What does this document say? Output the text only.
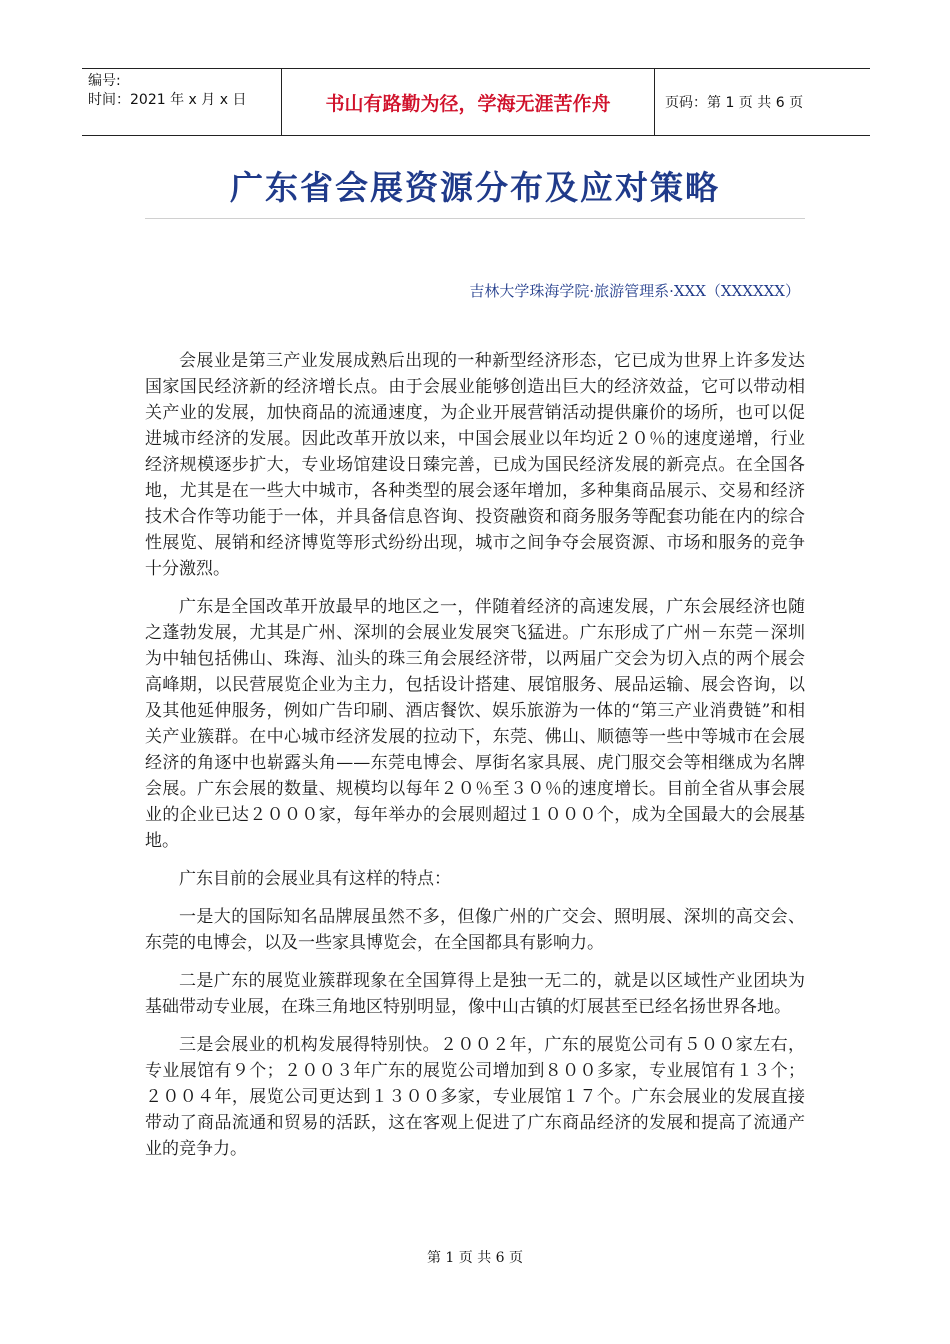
编号:
时间：2021 年 x 月 x 日	书山有路勤为径，学海无涯苦作舟	页码：第 1 页 共 6 页
广东省会展资源分布及应对策略
吉林大学珠海学院·旅游管理系·XXX（XXXXXX）

会展业是第三产业发展成熟后出现的一种新型经济形态，它已成为世界上许多发达国家国民经济新的经济增长点。由于会展业能够创造出巨大的经济效益，它可以带动相关产业的发展，加快商品的流通速度，为企业开展营销活动提供廉价的场所，也可以促进城市经济的发展。因此改革开放以来，中国会展业以年均近２０％的速度递增，行业经济规模逐步扩大，专业场馆建设日臻完善，已成为国民经济发展的新亮点。在全国各地，尤其是在一些大中城市，各种类型的展会逐年增加，多种集商品展示、交易和经济技术合作等功能于一体，并具备信息咨询、投资融资和商务服务等配套功能在内的综合性展览、展销和经济博览等形式纷纷出现，城市之间争夺会展资源、市场和服务的竞争十分激烈。

广东是全国改革开放最早的地区之一，伴随着经济的高速发展，广东会展经济也随之蓬勃发展，尤其是广州、深圳的会展业发展突飞猛进。广东形成了广州－东莞－深圳为中轴包括佛山、珠海、汕头的珠三角会展经济带，以两届广交会为切入点的两个展会高峰期，以民营展览企业为主力，包括设计搭建、展馆服务、展品运输、展会咨询，以及其他延伸服务，例如广告印刷、酒店餐饮、娱乐旅游为一体的“第三产业消费链”和相关产业簇群。在中心城市经济发展的拉动下，东莞、佛山、顺德等一些中等城市在会展经济的角逐中也崭露头角——东莞电博会、厚街名家具展、虎门服交会等相继成为名牌会展。广东会展的数量、规模均以每年２０％至３０％的速度增长。目前全省从事会展业的企业已达２０００家，每年举办的会展则超过１０００个，成为全国最大的会展基地。

广东目前的会展业具有这样的特点：

一是大的国际知名品牌展虽然不多，但像广州的广交会、照明展、深圳的高交会、东莞的电博会，以及一些家具博览会，在全国都具有影响力。

二是广东的展览业簇群现象在全国算得上是独一无二的，就是以区域性产业团块为基础带动专业展，在珠三角地区特别明显，像中山古镇的灯展甚至已经名扬世界各地。

三是会展业的机构发展得特别快。２００２年，广东的展览公司有５００家左右，专业展馆有９个；２００３年广东的展览公司增加到８００多家，专业展馆有１３个；２００４年，展览公司更达到１３００多家，专业展馆１７个。广东会展业的发展直接带动了商品流通和贸易的活跃，这在客观上促进了广东商品经济的发展和提高了流通产业的竞争力。

第 1 页 共 6 页
